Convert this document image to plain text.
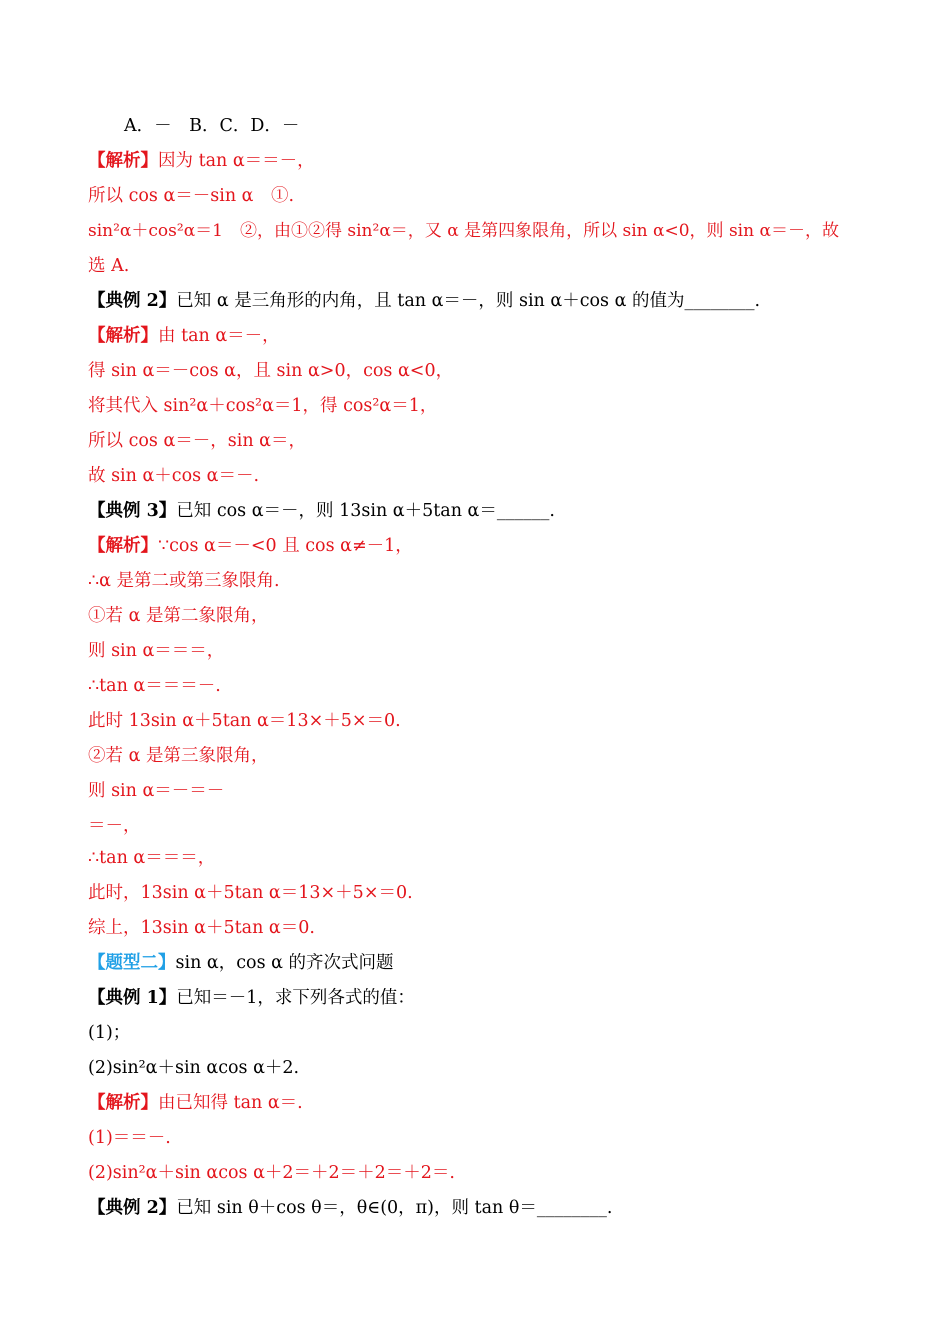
A．－　B．C．D．－
【解析】因为 tan α＝＝－，
所以 cos α＝－sin α　①.
sin²α＋cos²α＝1　②，由①②得 sin²α＝，又 α 是第四象限角，所以 sin α<0，则 sin α＝－，故
选 A.
【典例 2】已知 α 是三角形的内角，且 tan α＝－，则 sin α＋cos α 的值为________.
【解析】由 tan α＝－，
得 sin α＝－cos α，且 sin α>0，cos α<0，
将其代入 sin²α＋cos²α＝1，得 cos²α＝1，
所以 cos α＝－，sin α＝，
故 sin α＋cos α＝－.
【典例 3】已知 cos α＝－，则 13sin α＋5tan α＝______.
【解析】∵cos α＝－<0 且 cos α≠－1，
∴α 是第二或第三象限角.
①若 α 是第二象限角，
则 sin α＝＝＝，
∴tan α＝＝＝－.
此时 13sin α＋5tan α＝13×＋5×＝0.
②若 α 是第三象限角，
则 sin α＝－＝－
＝－，
∴tan α＝＝＝，
此时，13sin α＋5tan α＝13×＋5×＝0.
综上，13sin α＋5tan α＝0.
【题型二】sin α，cos α 的齐次式问题
【典例 1】已知＝－1，求下列各式的值：
(1)；
(2)sin²α＋sin αcos α＋2.
【解析】由已知得 tan α＝.
(1)＝＝－.
(2)sin²α＋sin αcos α＋2＝＋2＝＋2＝＋2＝.
【典例 2】已知 sin θ＋cos θ＝，θ∈(0，π)，则 tan θ＝________.
